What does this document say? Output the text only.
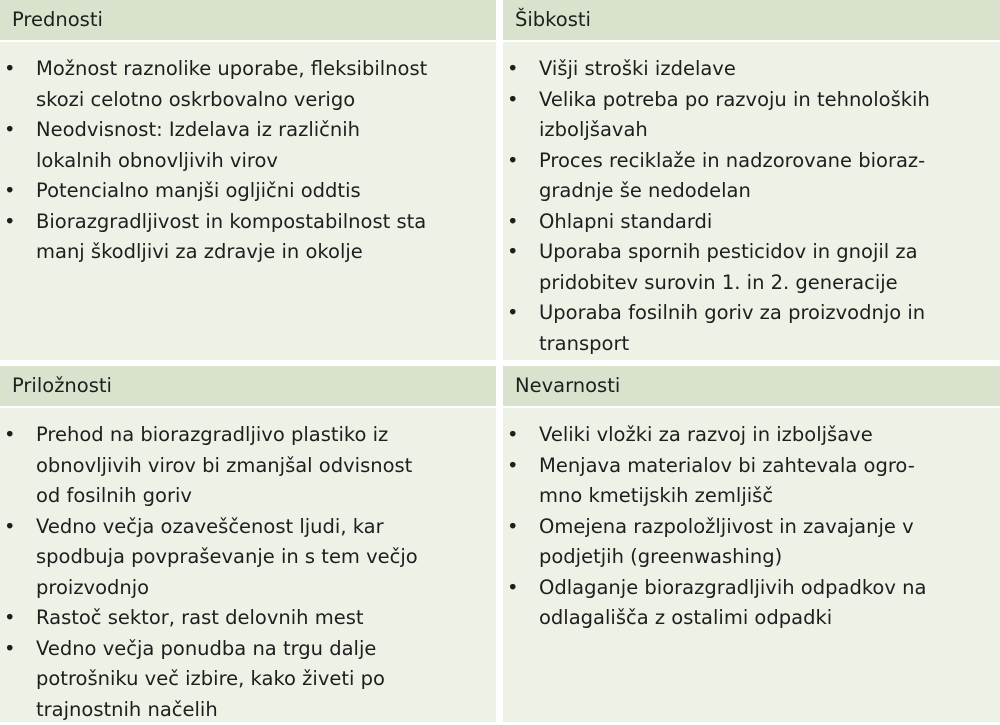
Prednosti
• Možnost raznolike uporabe, fleksibilnost
skozi celotno oskrbovalno verigo
• Neodvisnost: Izdelava iz različnih
lokalnih obnovljivih virov
• Potencialno manjši ogljični oddtis
• Biorazgradljivost in kompostabilnost sta
manj škodljivi za zdravje in okolje
Šibkosti
• Višji stroški izdelave
• Velika potreba po razvoju in tehnoloških
izboljšavah
• Proces reciklaže in nadzorovane bioraz-
gradnje še nedodelan
• Ohlapni standardi
• Uporaba spornih pesticidov in gnojil za
pridobitev surovin 1. in 2. generacije
• Uporaba fosilnih goriv za proizvodnjo in
transport
Priložnosti
• Prehod na biorazgradljivo plastiko iz
obnovljivih virov bi zmanjšal odvisnost
od fosilnih goriv
• Vedno večja ozaveščenost ljudi, kar
spodbuja povpraševanje in s tem večjo
proizvodnjo
• Rastoč sektor, rast delovnih mest
• Vedno večja ponudba na trgu dalje
potrošniku več izbire, kako živeti po
trajnostnih načelih
Nevarnosti
• Veliki vložki za razvoj in izboljšave
• Menjava materialov bi zahtevala ogro-
mno kmetijskih zemljišč
• Omejena razpoložljivost in zavajanje v
podjetjih (greenwashing)
• Odlaganje biorazgradljivih odpadkov na
odlagališča z ostalimi odpadki
